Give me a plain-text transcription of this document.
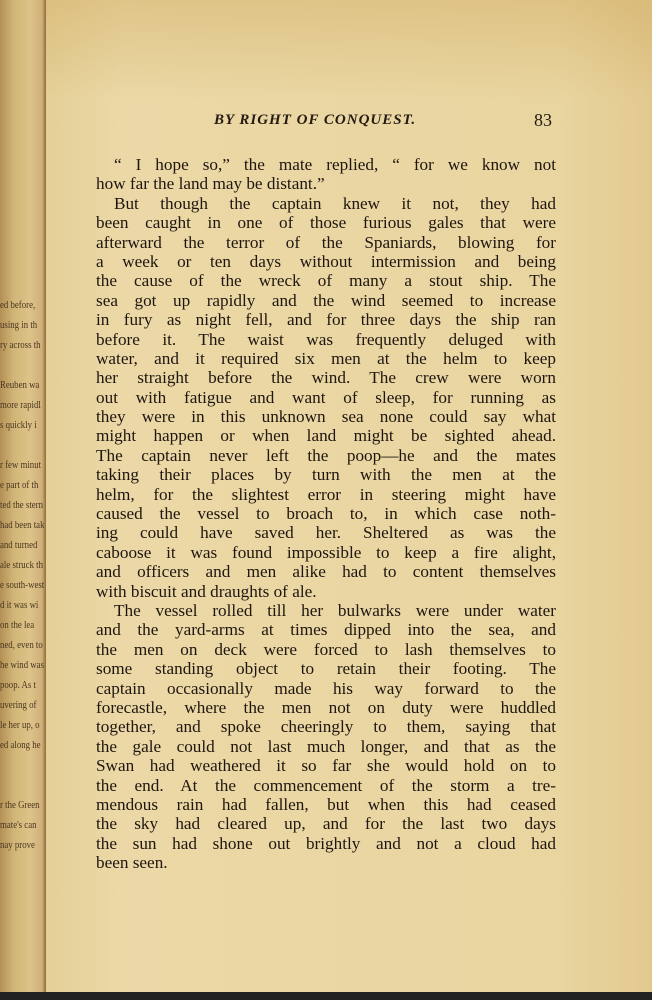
ed before,
using in th
ry across th

Reuben wa
more rapidl
s quickly i

r few minut
e part of th
ted the stern
had been tak
and turned
ale struck th
e south-west
d it was wi
on the lea
ned, even to
he wind was
poop. As t
uvering of
le her up, o
ed along he

r the Green
mate's can
nay prove
BY RIGHT OF CONQUEST.	83
“ I hope so,” the mate replied, “ for we know not
how far the land may be distant.”
But though the captain knew it not, they had
been caught in one of those furious gales that were
afterward the terror of the Spaniards, blowing for
a week or ten days without intermission and being
the cause of the wreck of many a stout ship. The
sea got up rapidly and the wind seemed to increase
in fury as night fell, and for three days the ship ran
before it. The waist was frequently deluged with
water, and it required six men at the helm to keep
her straight before the wind. The crew were worn
out with fatigue and want of sleep, for running as
they were in this unknown sea none could say what
might happen or when land might be sighted ahead.
The captain never left the poop—he and the mates
taking their places by turn with the men at the
helm, for the slightest error in steering might have
caused the vessel to broach to, in which case noth-
ing could have saved her. Sheltered as was the
caboose it was found impossible to keep a fire alight,
and officers and men alike had to content themselves
with biscuit and draughts of ale.
The vessel rolled till her bulwarks were under water
and the yard-arms at times dipped into the sea, and
the men on deck were forced to lash themselves to
some standing object to retain their footing. The
captain occasionally made his way forward to the
forecastle, where the men not on duty were huddled
together, and spoke cheeringly to them, saying that
the gale could not last much longer, and that as the
Swan had weathered it so far she would hold on to
the end. At the commencement of the storm a tre-
mendous rain had fallen, but when this had ceased
the sky had cleared up, and for the last two days
the sun had shone out brightly and not a cloud had
been seen.
